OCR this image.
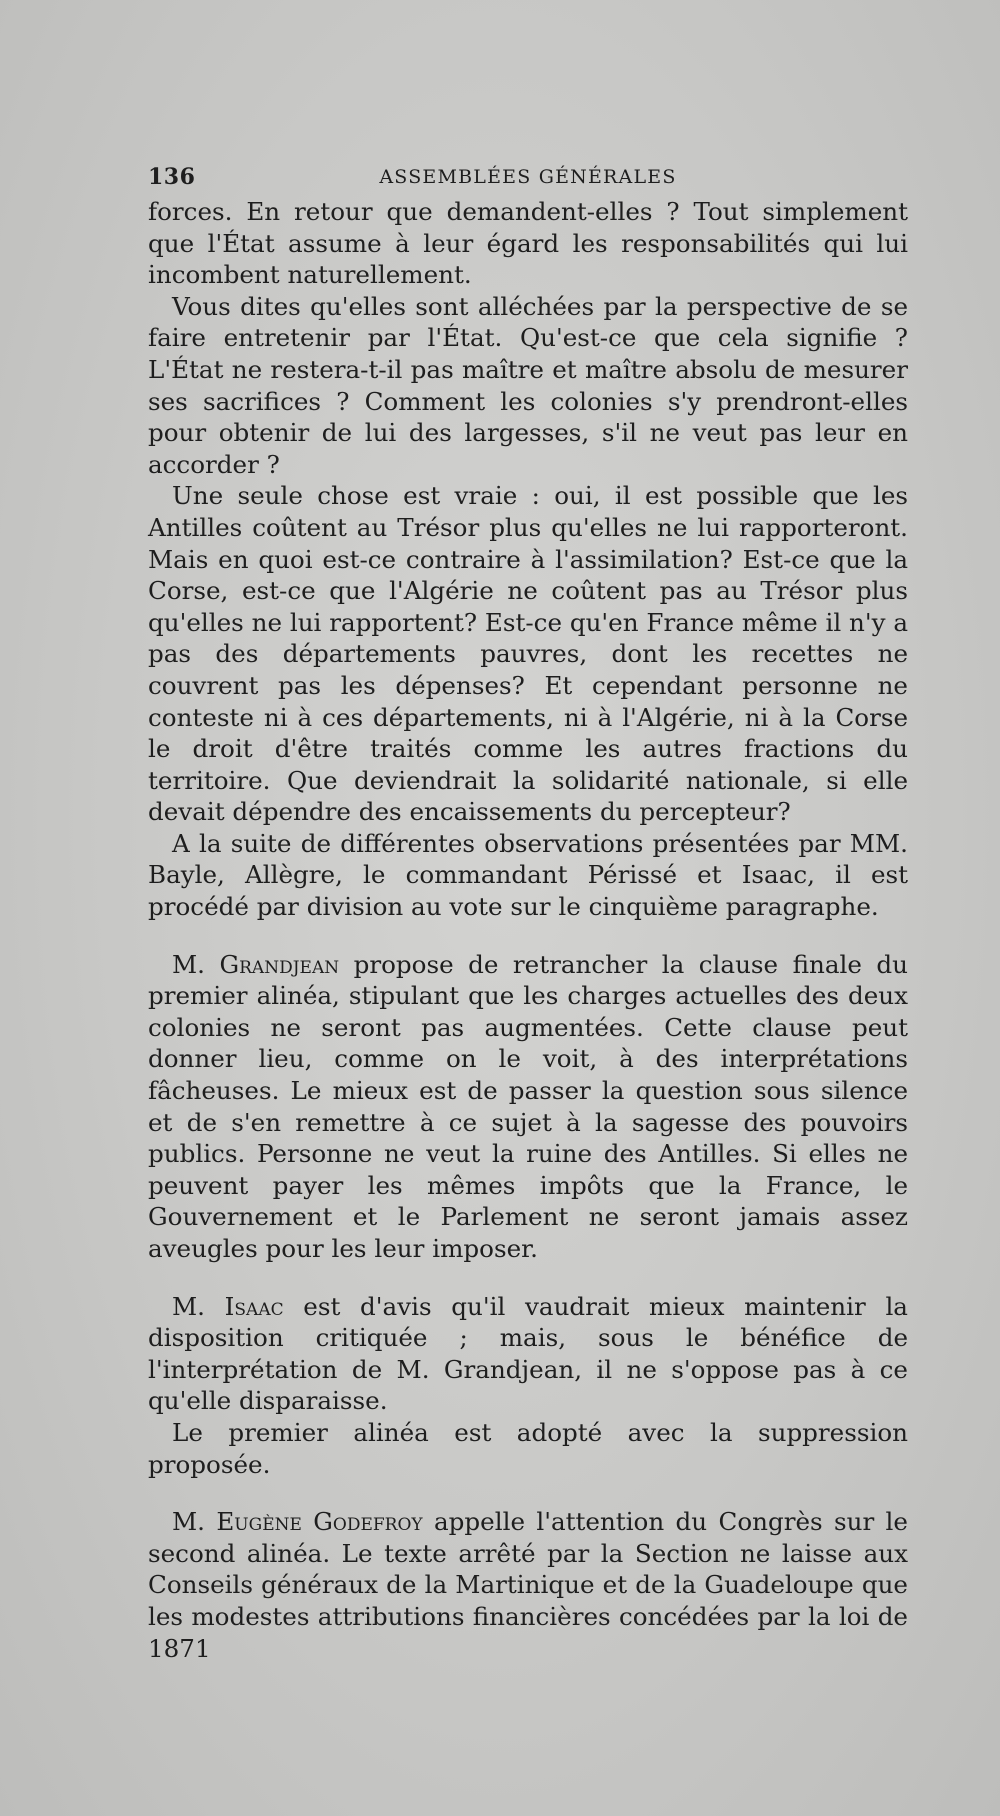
136	ASSEMBLÉES GÉNÉRALES

forces. En retour que demandent-elles ? Tout simplement que l'État assume à leur égard les responsabilités qui lui incombent naturellement.

Vous dites qu'elles sont alléchées par la perspective de se faire entretenir par l'État. Qu'est-ce que cela signifie ? L'État ne restera-t-il pas maître et maître absolu de mesurer ses sacrifices ? Comment les colonies s'y prendront-elles pour obtenir de lui des largesses, s'il ne veut pas leur en accorder ?

Une seule chose est vraie : oui, il est possible que les Antilles coûtent au Trésor plus qu'elles ne lui rapporteront. Mais en quoi est-ce contraire à l'assimilation? Est-ce que la Corse, est-ce que l'Algérie ne coûtent pas au Trésor plus qu'elles ne lui rapportent? Est-ce qu'en France même il n'y a pas des départements pauvres, dont les recettes ne couvrent pas les dépenses? Et cependant personne ne conteste ni à ces départements, ni à l'Algérie, ni à la Corse le droit d'être traités comme les autres fractions du territoire. Que deviendrait la solidarité nationale, si elle devait dépendre des encaissements du percepteur?

A la suite de différentes observations présentées par MM. Bayle, Allègre, le commandant Périssé et Isaac, il est procédé par division au vote sur le cinquième paragraphe.

M. Grandjean propose de retrancher la clause finale du premier alinéa, stipulant que les charges actuelles des deux colonies ne seront pas augmentées. Cette clause peut donner lieu, comme on le voit, à des interprétations fâcheuses. Le mieux est de passer la question sous silence et de s'en remettre à ce sujet à la sagesse des pouvoirs publics. Personne ne veut la ruine des Antilles. Si elles ne peuvent payer les mêmes impôts que la France, le Gouvernement et le Parlement ne seront jamais assez aveugles pour les leur imposer.

M. Isaac est d'avis qu'il vaudrait mieux maintenir la disposition critiquée ; mais, sous le bénéfice de l'interprétation de M. Grandjean, il ne s'oppose pas à ce qu'elle disparaisse.

Le premier alinéa est adopté avec la suppression proposée.

M. Eugène Godefroy appelle l'attention du Congrès sur le second alinéa. Le texte arrêté par la Section ne laisse aux Conseils généraux de la Martinique et de la Guadeloupe que les modestes attributions financières concédées par la loi de 1871
